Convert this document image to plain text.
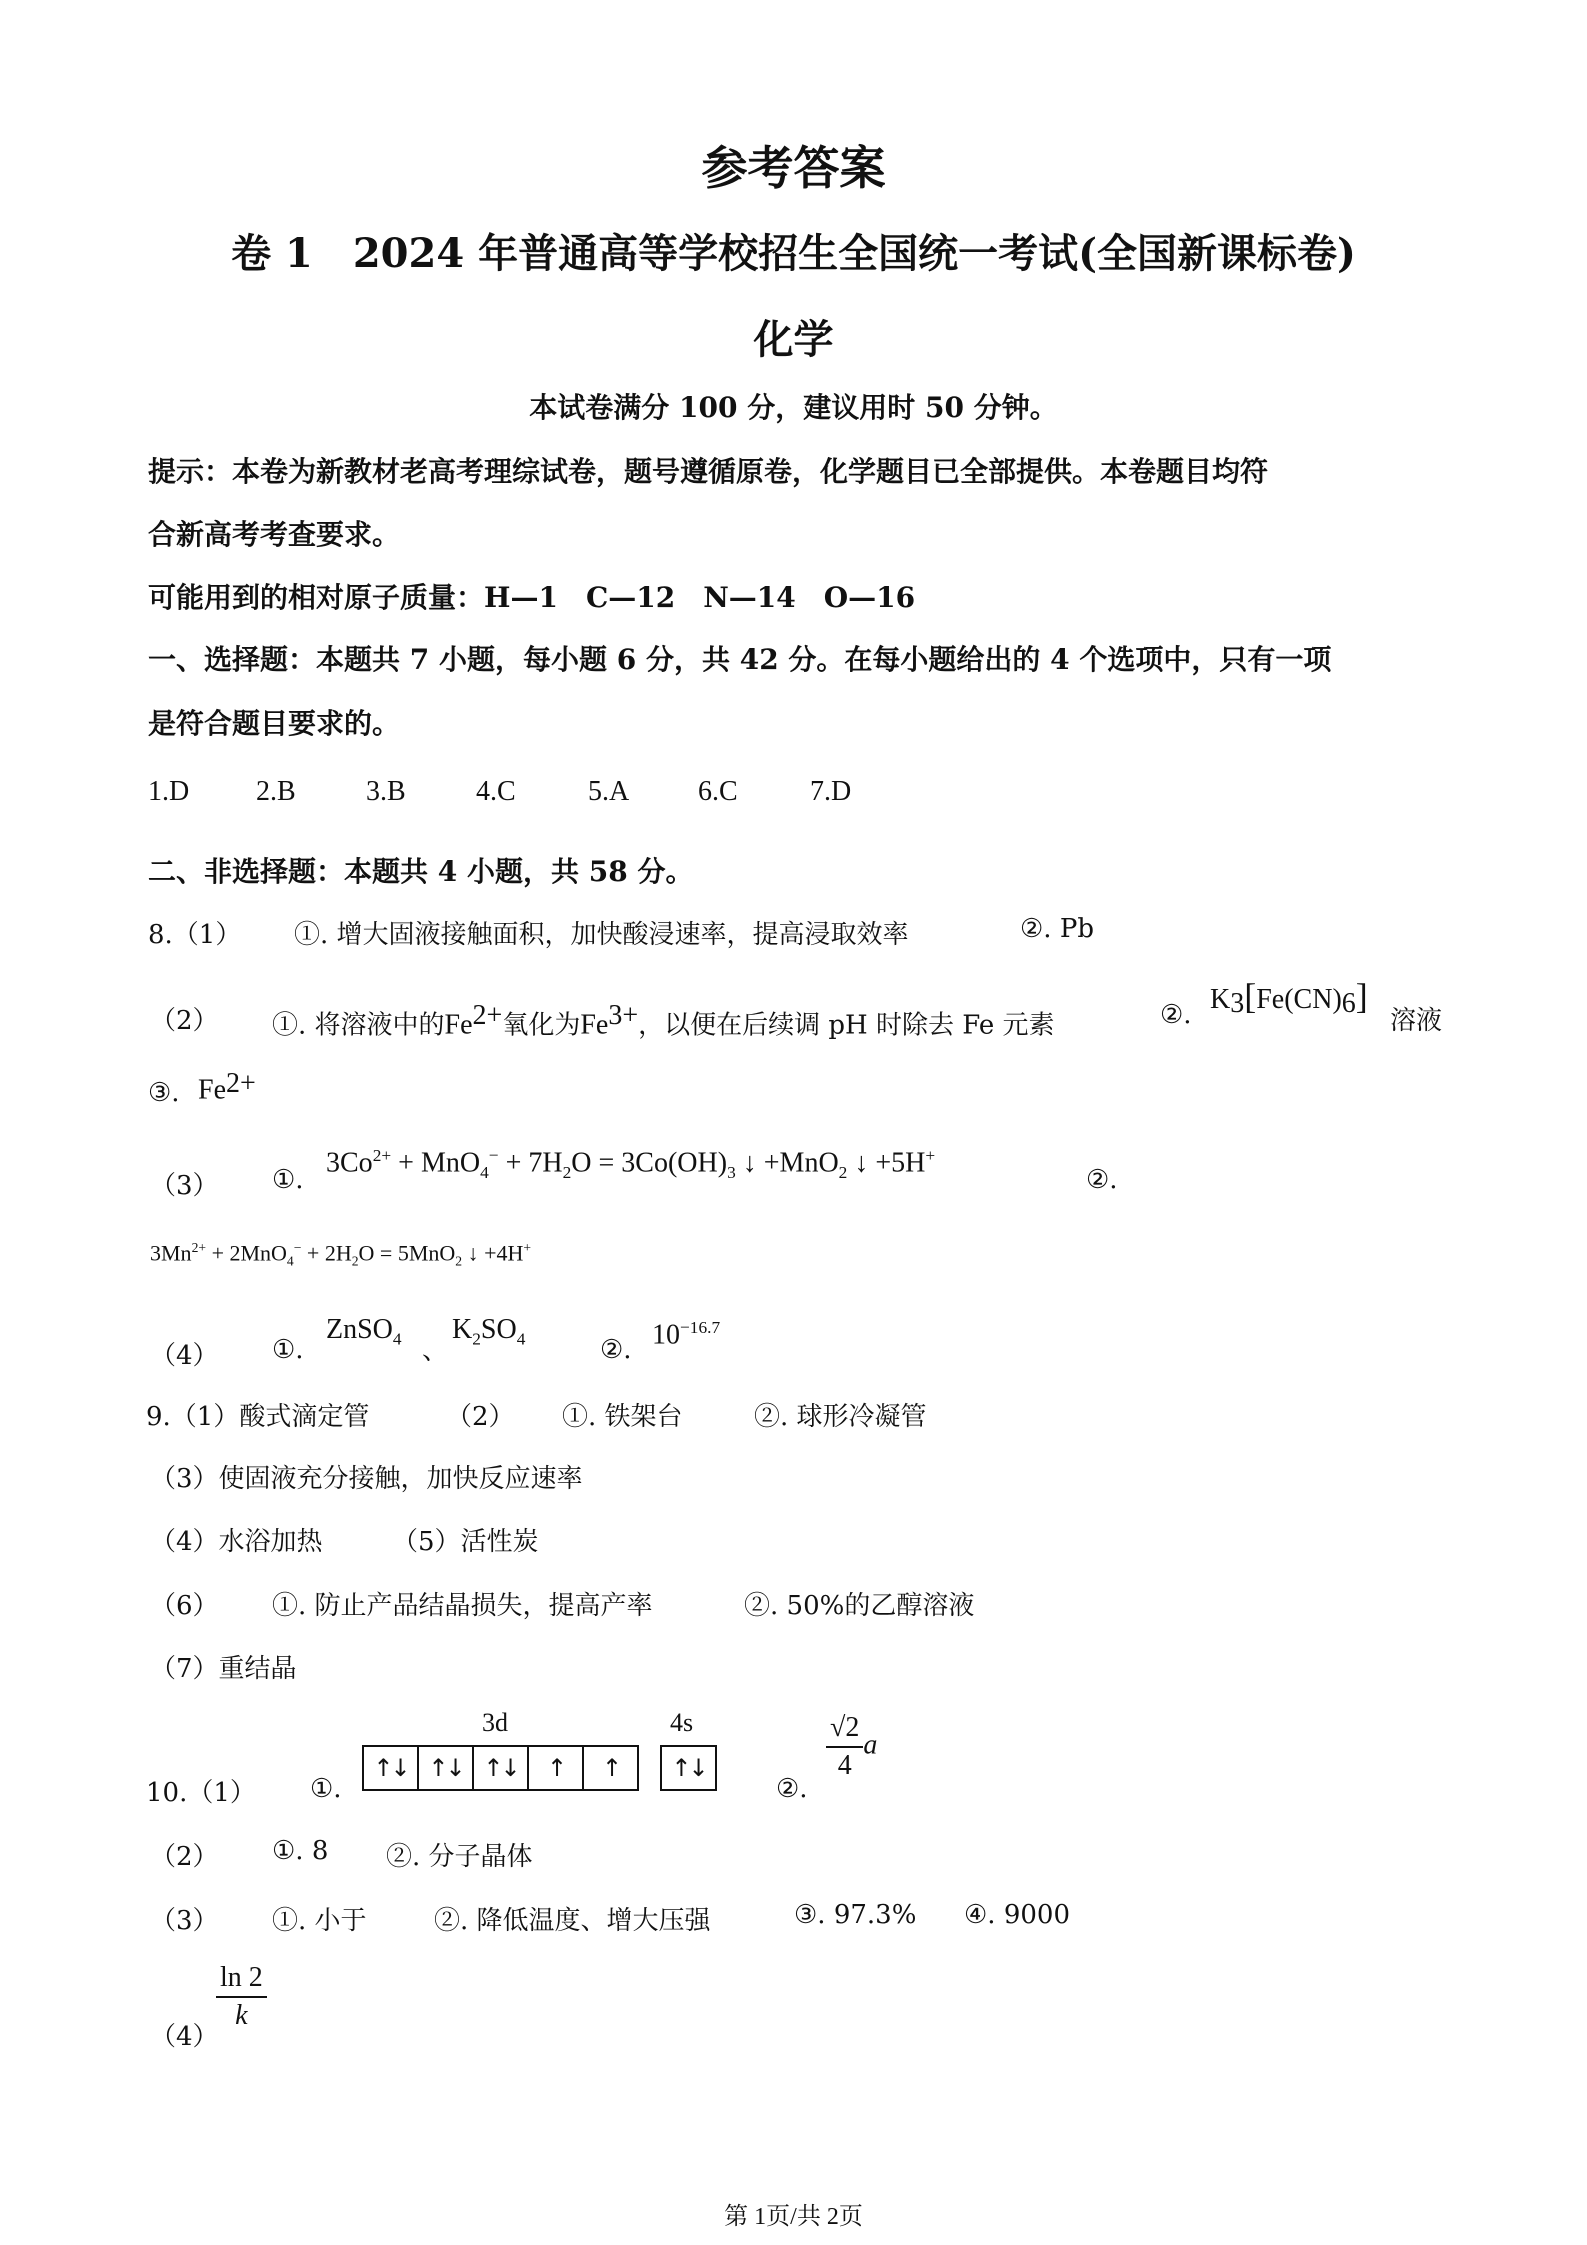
参考答案
卷 1　2024 年普通高等学校招生全国统一考试(全国新课标卷)
化学
本试卷满分 100 分，建议用时 50 分钟。
提示：本卷为新教材老高考理综试卷，题号遵循原卷，化学题目已全部提供。本卷题目均符
合新高考考查要求。
可能用到的相对原子质量：H—1　C—12　N—14　O—16
一、选择题：本题共 7 小题，每小题 6 分，共 42 分。在每小题给出的 4 个选项中，只有一项
是符合题目要求的。
1.D 2.B	3.B	4.C	5.A 6.C	7.D
二、非选择题：本题共 4 小题，共 58 分。
8.（1） ①. 增大固液接触面积，加快酸浸速率，提高浸取效率	②. Pb
（2） ①. 将溶液中的$Fe^{2+}$氧化为$Fe^{3+}$，以便在后续调 pH 时除去 Fe 元素	②. $K_3[Fe(CN)_6]$
溶液
③. $Fe^{2+}$
（3） ①.
$3Co^{2+} + MnO_4^- + 7H_2O = 3Co(OH)_3$ ↓ +MnO$_2$ ↓ +5H+
②.
$3Mn^{2+} + 2MnO_4^- + 2H_2O = 5MnO_2$ ↓ +4H+
（4） ①.
ZnSO$_4$ 、
$K_2SO_4$	②. $10^{-16.7}$
9.（1）酸式滴定管	（2） ①. 铁架台	②. 球形冷凝管
（3）使固液充分接触，加快反应速率
（4）水浴加热	（5）活性炭
（6） ①. 防止产品结晶损失，提高产率	②. 50%的乙醇溶液
（7）重结晶
10.（1） ①.
3d	4s
↑↓ ↑↓ ↑↓	↑	↑	↑↓
②.
$\frac{√2}{4}$ a
（2） ①. 8 ②. 分子晶体
（3） ①. 小于	②. 降低温度、增大压强	③. 97.3% ④. 9000
（4）
$\frac{\ln 2}{k}$
第 1页/共 2页
